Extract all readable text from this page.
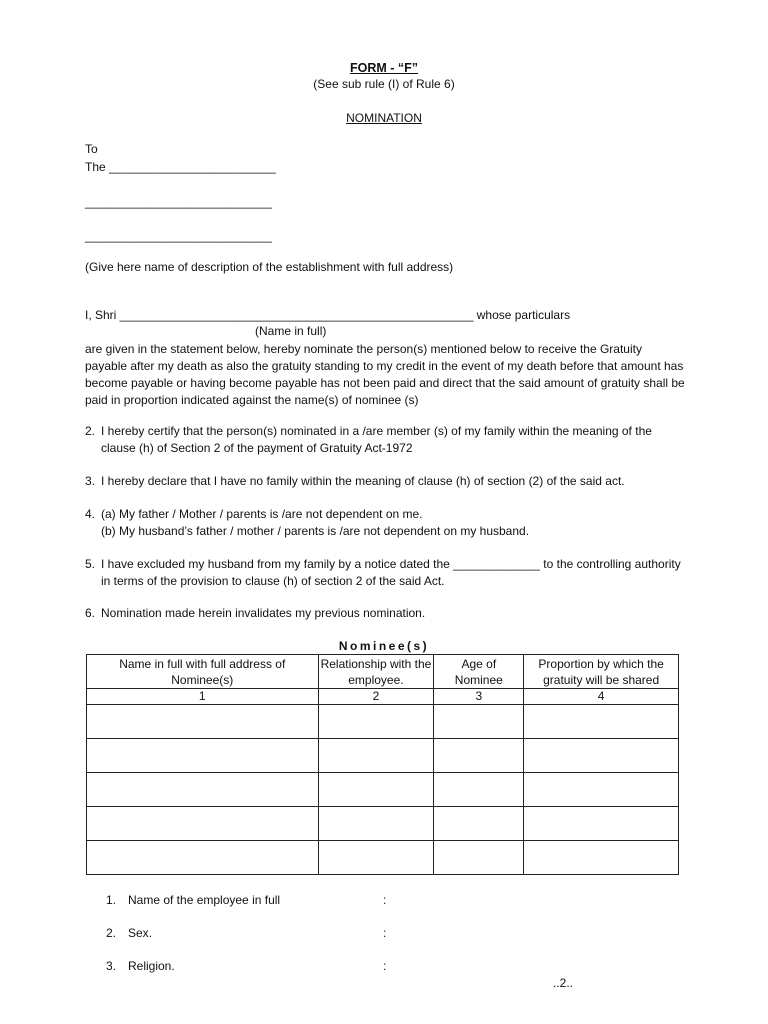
FORM - “F”
(See sub rule (I) of Rule 6)
NOMINATION
To
The _________________________
____________________________
____________________________
(Give here name of description of the establishment with full address)
I, Shri _____________________________________________________ whose particulars
(Name in full)
are given in the statement below, hereby nominate the person(s) mentioned below to receive the Gratuity payable after my death as also the gratuity standing to my credit in the event of my death before that amount has become payable or having become payable has not been paid and direct that the said amount of gratuity shall be paid in proportion indicated against the name(s) of nominee (s)
2. I hereby certify that the person(s) nominated in a /are member (s) of my family within the meaning of the
clause (h) of Section 2 of the payment of Gratuity Act-1972
3. I hereby declare that I have no family within the meaning of clause (h) of section (2) of the said act.
4. (a) My father / Mother / parents is /are not dependent on me.
(b) My husband’s father / mother / parents is /are not dependent on my husband.
5. I have excluded my husband from my family by a notice dated the _____________ to the controlling authority
in terms of the provision to clause (h) of section 2 of the said Act.
6. Nomination made herein invalidates my previous nomination.
Nominee(s)
Name in full with full address of Nominee(s)	Relationship with the employee.	Age of Nominee	Proportion by which the gratuity will be shared
1	2	3	4

1. Name of the employee in full	:
2. Sex.	:
3. Religion.	:
..2..
